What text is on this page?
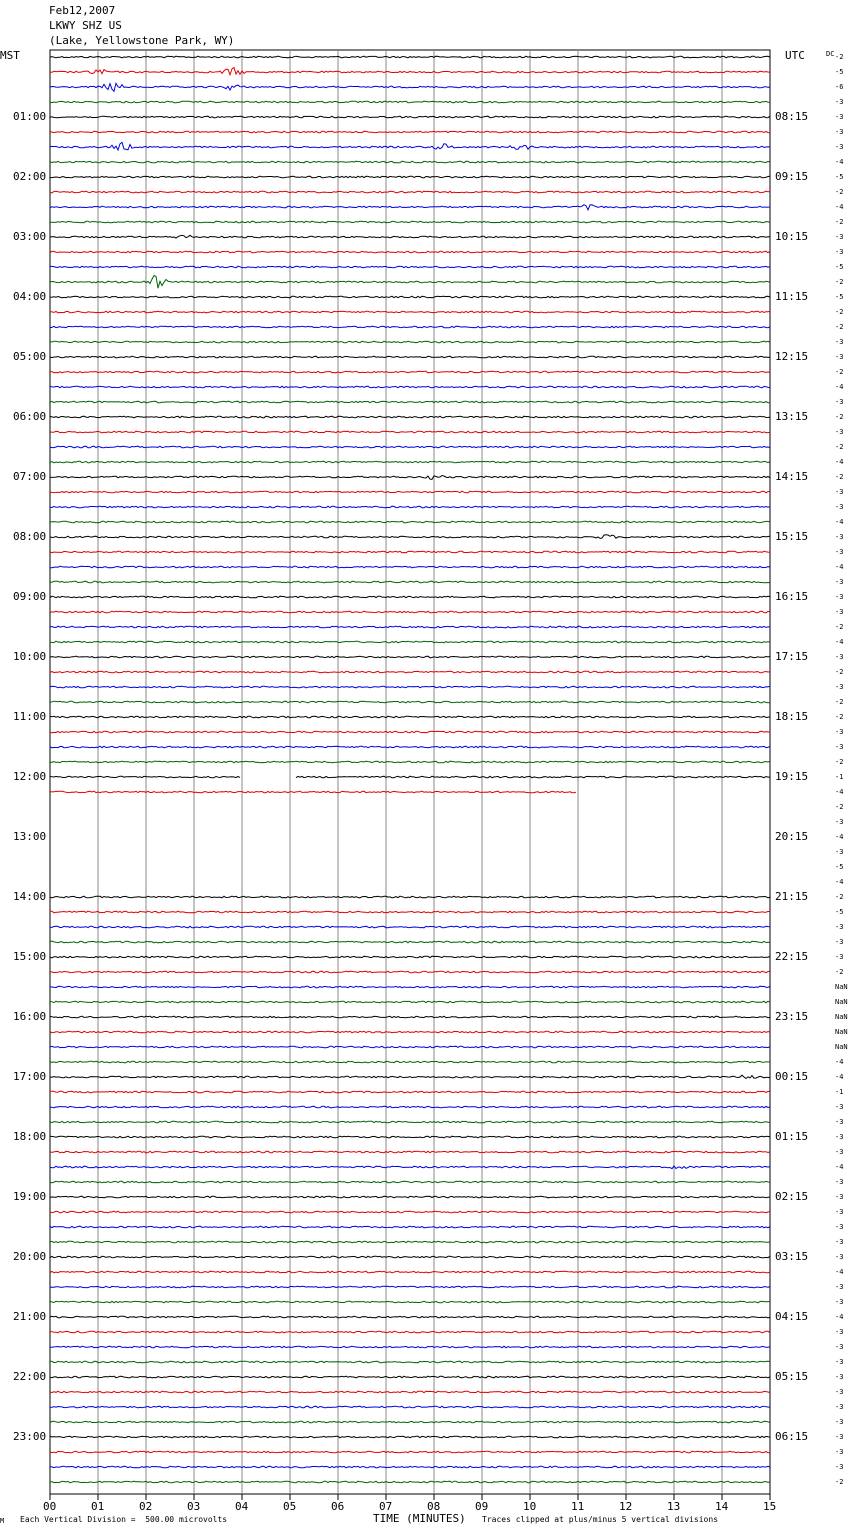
Feb12,2007
LKWY SHZ US
(Lake, Yellowstone Park, WY)
MST	UTC	DC -2
-5
-6
-3
-3
-3
-3
-4
-5
-2
-4
-2
-3
-3
-5
-2
-5
-2
-2
-3
-3
-2
-4
-3
-2
-3
-2
-4
-2
-3
-3
-4
-3
-3
-4
-3
-3
-3
-2
-4
-3
-2
-3
-2
-2
-3
-3
-2
-1
-4
-2
-3
-4
-3
-5
-4
-2
-5
-3
-3
-3
-2
NaN
NaN
NaN
NaN
NaN
-4
-4
-1
-3
-3
-3
-3
-4
-3
-3
-3
-3
-3
-3
-4
-3
-3
-4
-3
-3
-3
-3
-3
-3
-3
-3
-3
-3
-2
01:00
02:00
03:00
04:00
05:00
06:00
07:00
08:00
09:00
10:00
11:00
12:00
13:00
14:00
15:00
16:00
17:00
18:00
19:00
20:00
21:00
22:00
23:00
08:15
09:15
10:15
11:15
12:15
13:15
14:15
15:15
16:15
17:15
18:15
19:15
20:15
21:15
22:15
23:15
00:15
01:15
02:15
03:15
04:15
05:15
06:15
00	01	02	03	04	05	06	07	08	09	10	11	12	13	14	15
M Each Vertical Division =  500.00 microvolts	TIME (MINUTES) Traces clipped at plus/minus 5 vertical divisions
